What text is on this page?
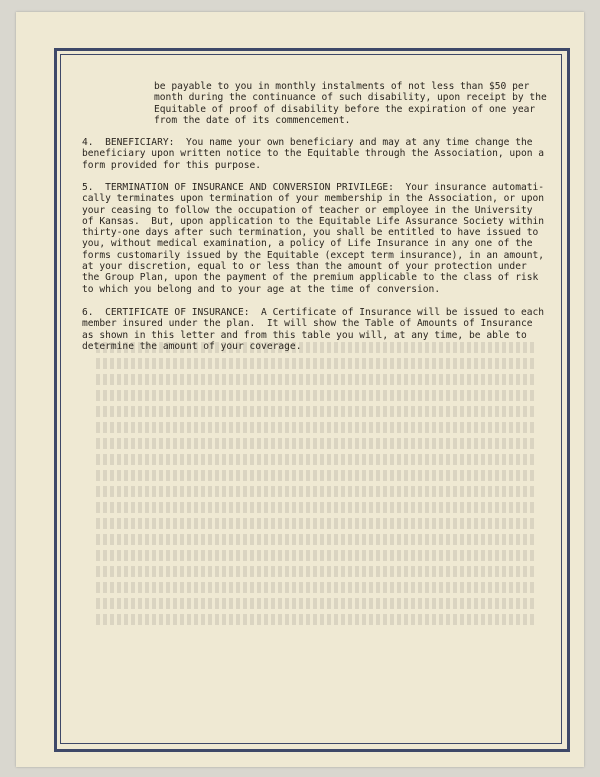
be payable to you in monthly instalments of not less than $50 per
month during the continuance of such disability, upon receipt by the
Equitable of proof of disability before the expiration of one year
from the date of its commencement.
4.  BENEFICIARY:  You name your own beneficiary and may at any time change the
beneficiary upon written notice to the Equitable through the Association, upon a
form provided for this purpose.
5.  TERMINATION OF INSURANCE AND CONVERSION PRIVILEGE:  Your insurance automati-
cally terminates upon termination of your membership in the Association, or upon
your ceasing to follow the occupation of teacher or employee in the University
of Kansas.  But, upon application to the Equitable Life Assurance Society within
thirty-one days after such termination, you shall be entitled to have issued to
you, without medical examination, a policy of Life Insurance in any one of the
forms customarily issued by the Equitable (except term insurance), in an amount,
at your discretion, equal to or less than the amount of your protection under
the Group Plan, upon the payment of the premium applicable to the class of risk
to which you belong and to your age at the time of conversion.
6.  CERTIFICATE OF INSURANCE:  A Certificate of Insurance will be issued to each
member insured under the plan.  It will show the Table of Amounts of Insurance
as shown in this letter and from this table you will, at any time, be able to
determine the amount of your coverage.
